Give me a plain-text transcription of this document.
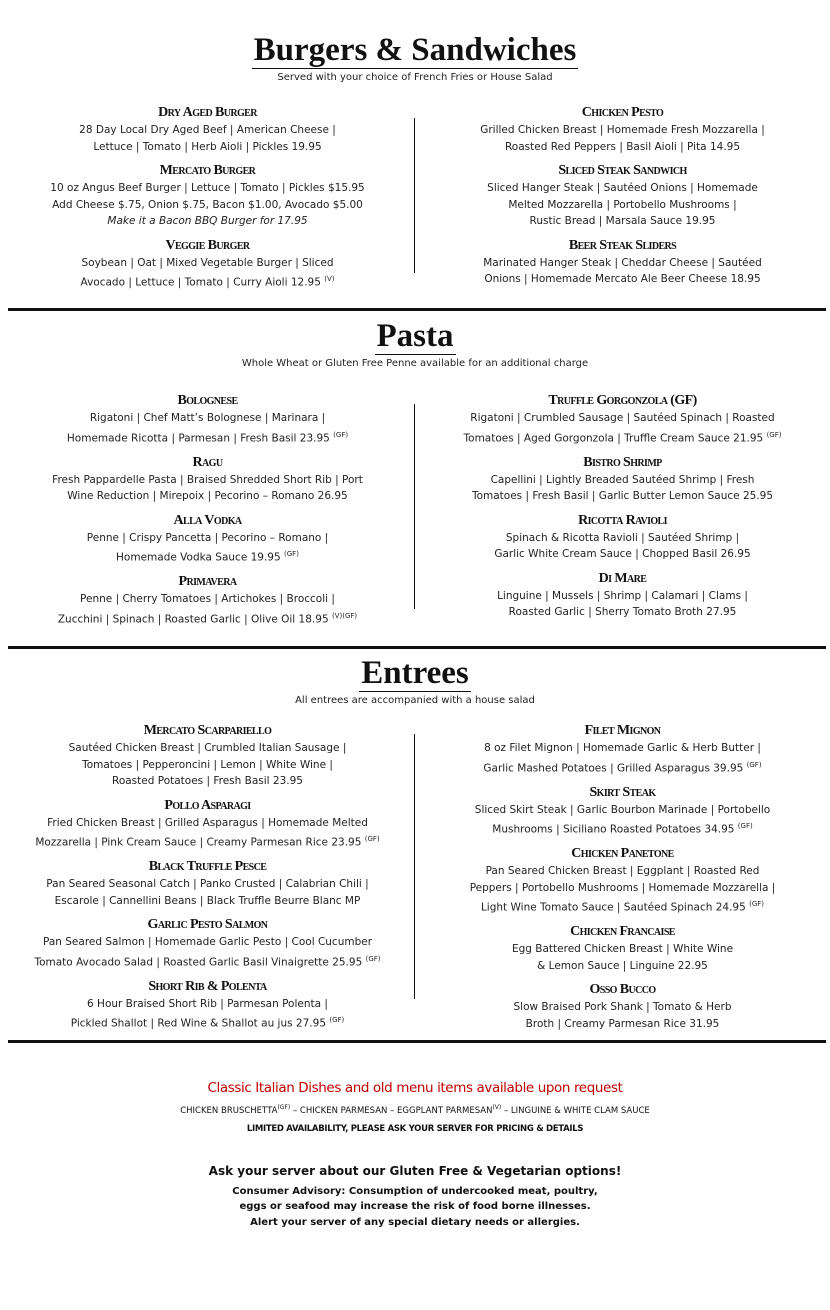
Burgers & Sandwiches
Served with your choice of French Fries or House Salad
Dry Aged Burger
28 Day Local Dry Aged Beef | American Cheese |
Lettuce | Tomato | Herb Aioli | Pickles 19.95
Mercato Burger
10 oz Angus Beef Burger | Lettuce | Tomato | Pickles $15.95
Add Cheese $.75, Onion $.75, Bacon $1.00, Avocado $5.00
Make it a Bacon BBQ Burger for 17.95
Veggie Burger
Soybean | Oat | Mixed Vegetable Burger | Sliced
Avocado | Lettuce | Tomato | Curry Aioli 12.95 $^{(V)}$
Chicken Pesto
Grilled Chicken Breast | Homemade Fresh Mozzarella |
Roasted Red Peppers | Basil Aioli | Pita 14.95
Sliced Steak Sandwich
Sliced Hanger Steak | Sautéed Onions | Homemade
Melted Mozzarella | Portobello Mushrooms |
Rustic Bread | Marsala Sauce 19.95
Beer Steak Sliders
Marinated Hanger Steak | Cheddar Cheese | Sautéed
Onions | Homemade Mercato Ale Beer Cheese 18.95
Pasta
Whole Wheat or Gluten Free Penne available for an additional charge
Bolognese
Rigatoni | Chef Matt’s Bolognese | Marinara |
Homemade Ricotta | Parmesan | Fresh Basil 23.95 $^{(GF)}$
Ragu
Fresh Pappardelle Pasta | Braised Shredded Short Rib | Port
Wine Reduction | Mirepoix | Pecorino – Romano 26.95
Alla Vodka
Penne | Crispy Pancetta | Pecorino – Romano |
Homemade Vodka Sauce 19.95 $^{(GF)}$
Primavera
Penne | Cherry Tomatoes | Artichokes | Broccoli |
Zucchini | Spinach | Roasted Garlic | Olive Oil 18.95 $^{(V)(GF)}$
Truffle Gorgonzola (GF)
Rigatoni | Crumbled Sausage | Sautéed Spinach | Roasted
Tomatoes | Aged Gorgonzola | Truffle Cream Sauce 21.95 $^{(GF)}$
Bistro Shrimp
Capellini | Lightly Breaded Sautéed Shrimp | Fresh
Tomatoes | Fresh Basil | Garlic Butter Lemon Sauce 25.95
Ricotta Ravioli
Spinach & Ricotta Ravioli | Sautéed Shrimp |
Garlic White Cream Sauce | Chopped Basil 26.95
Di Mare
Linguine | Mussels | Shrimp | Calamari | Clams |
Roasted Garlic | Sherry Tomato Broth 27.95
Entrees
All entrees are accompanied with a house salad
Mercato Scarpariello
Sautéed Chicken Breast | Crumbled Italian Sausage |
Tomatoes | Pepperoncini | Lemon | White Wine |
Roasted Potatoes | Fresh Basil 23.95
Pollo Asparagi
Fried Chicken Breast | Grilled Asparagus | Homemade Melted
Mozzarella | Pink Cream Sauce | Creamy Parmesan Rice 23.95 $^{(GF)}$
Black Truffle Pesce
Pan Seared Seasonal Catch | Panko Crusted | Calabrian Chili |
Escarole | Cannellini Beans | Black Truffle Beurre Blanc MP
Garlic Pesto Salmon
Pan Seared Salmon | Homemade Garlic Pesto | Cool Cucumber
Tomato Avocado Salad | Roasted Garlic Basil Vinaigrette 25.95 $^{(GF)}$
Short Rib & Polenta
6 Hour Braised Short Rib | Parmesan Polenta |
Pickled Shallot | Red Wine & Shallot au jus 27.95 $^{(GF)}$
Filet Mignon
8 oz Filet Mignon | Homemade Garlic & Herb Butter |
Garlic Mashed Potatoes | Grilled Asparagus 39.95 $^{(GF)}$
Skirt Steak
Sliced Skirt Steak | Garlic Bourbon Marinade | Portobello
Mushrooms | Siciliano Roasted Potatoes 34.95 $^{(GF)}$
Chicken Panetone
Pan Seared Chicken Breast | Eggplant | Roasted Red
Peppers | Portobello Mushrooms | Homemade Mozzarella |
Light Wine Tomato Sauce | Sautéed Spinach 24.95 $^{(GF)}$
Chicken Francaise
Egg Battered Chicken Breast | White Wine
& Lemon Sauce | Linguine 22.95
Osso Bucco
Slow Braised Pork Shank | Tomato & Herb
Broth | Creamy Parmesan Rice 31.95
Classic Italian Dishes and old menu items available upon request
CHICKEN $BRUSCHETTA^{(GF)}$ – CHICKEN PARMESAN – EGGPLANT $PARMESAN^{(V)}$ – LINGUINE & WHITE CLAM SAUCE
LIMITED AVAILABILITY, PLEASE ASK YOUR SERVER FOR PRICING & DETAILS
Ask your server about our Gluten Free & Vegetarian options!
Consumer Advisory: Consumption of undercooked meat, poultry,
eggs or seafood may increase the risk of food borne illnesses.
Alert your server of any special dietary needs or allergies.
